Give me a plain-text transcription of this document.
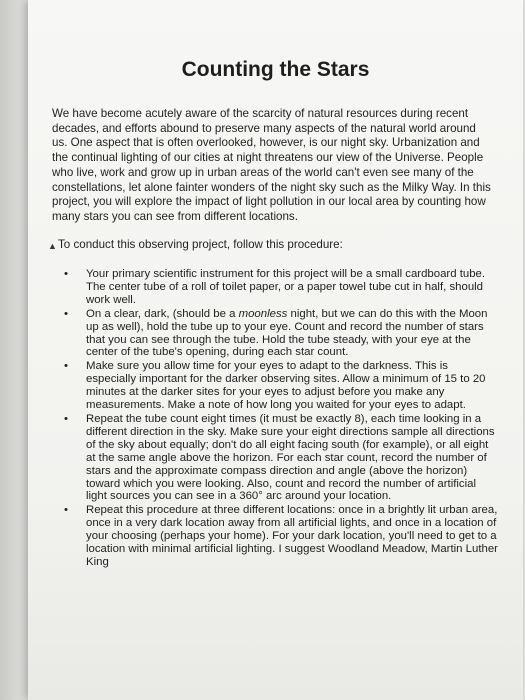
Counting the Stars

We have become acutely aware of the scarcity of natural resources during recent decades, and efforts abound to preserve many aspects of the natural world around us. One aspect that is often overlooked, however, is our night sky. Urbanization and the continual lighting of our cities at night threatens our view of the Universe. People who live, work and grow up in urban areas of the world can't even see many of the constellations, let alone fainter wonders of the night sky such as the Milky Way. In this project, you will explore the impact of light pollution in our local area by counting how many stars you can see from different locations.

▲ To conduct this observing project, follow this procedure:

• Your primary scientific instrument for this project will be a small cardboard tube. The center tube of a roll of toilet paper, or a paper towel tube cut in half, should work well.
• On a clear, dark, (should be a moonless night, but we can do this with the Moon up as well), hold the tube up to your eye. Count and record the number of stars that you can see through the tube. Hold the tube steady, with your eye at the center of the tube's opening, during each star count.
• Make sure you allow time for your eyes to adapt to the darkness. This is especially important for the darker observing sites. Allow a minimum of 15 to 20 minutes at the darker sites for your eyes to adjust before you make any measurements. Make a note of how long you waited for your eyes to adapt.
• Repeat the tube count eight times (it must be exactly 8), each time looking in a different direction in the sky. Make sure your eight directions sample all directions of the sky about equally; don't do all eight facing south (for example), or all eight at the same angle above the horizon. For each star count, record the number of stars and the approximate compass direction and angle (above the horizon) toward which you were looking. Also, count and record the number of artificial light sources you can see in a 360° arc around your location.
• Repeat this procedure at three different locations: once in a brightly lit urban area, once in a very dark location away from all artificial lights, and once in a location of your choosing (perhaps your home). For your dark location, you'll need to get to a location with minimal artificial lighting. I suggest Woodland Meadow, Martin Luther King
